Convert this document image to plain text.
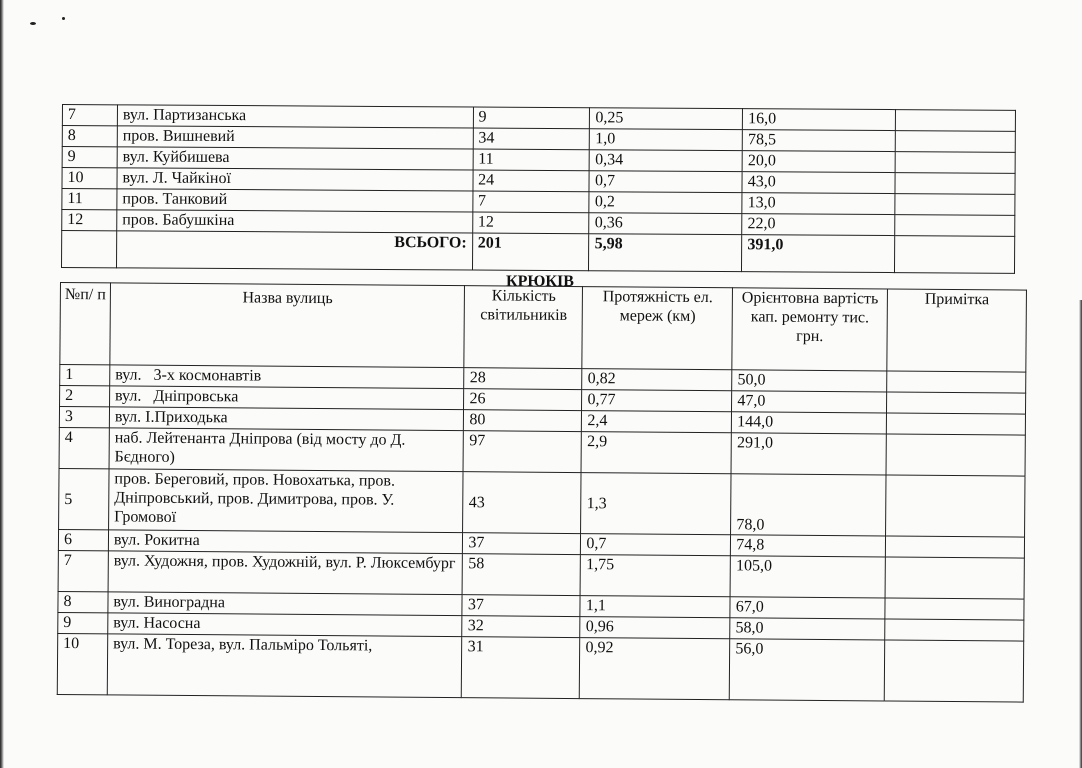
7	вул. Партизанська	9	0,25	16,0	
8	пров. Вишневий	34	1,0	78,5	
9	вул. Куйбишева	11	0,34	20,0	
10	вул. Л. Чайкіної	24	0,7	43,0	
11	пров. Танковий	7	0,2	13,0	
12	пров. Бабушкіна	12	0,36	22,0	
	ВСЬОГО:	201	5,98	391,0	
КРЮКІВ
№п/ п	Назва вулиць	Кількість світильників	Протяжність ел. мереж (км)	Орієнтовна вартість кап. ремонту тис. грн.	Примітка
1	вул.   3-х космонавтів	28	0,82	50,0	
2	вул.   Дніпровська	26	0,77	47,0	
3	вул. І.Приходька	80	2,4	144,0	
4	наб. Лейтенанта Дніпрова (від мосту до Д. Бєдного)	97	2,9	291,0	
5	пров. Береговий, пров. Новохатька, пров. Дніпровський, пров. Димитрова, пров. У. Громової	43	1,3	78,0	
6	вул. Рокитна	37	0,7	74,8	
7	вул. Художня, пров. Художній, вул. Р. Люксембург	58	1,75	105,0	
8	вул. Виноградна	37	1,1	67,0	
9	вул. Насосна	32	0,96	58,0	
10	вул. М. Тореза, вул. Пальміро Тольяті,	31	0,92	56,0	
